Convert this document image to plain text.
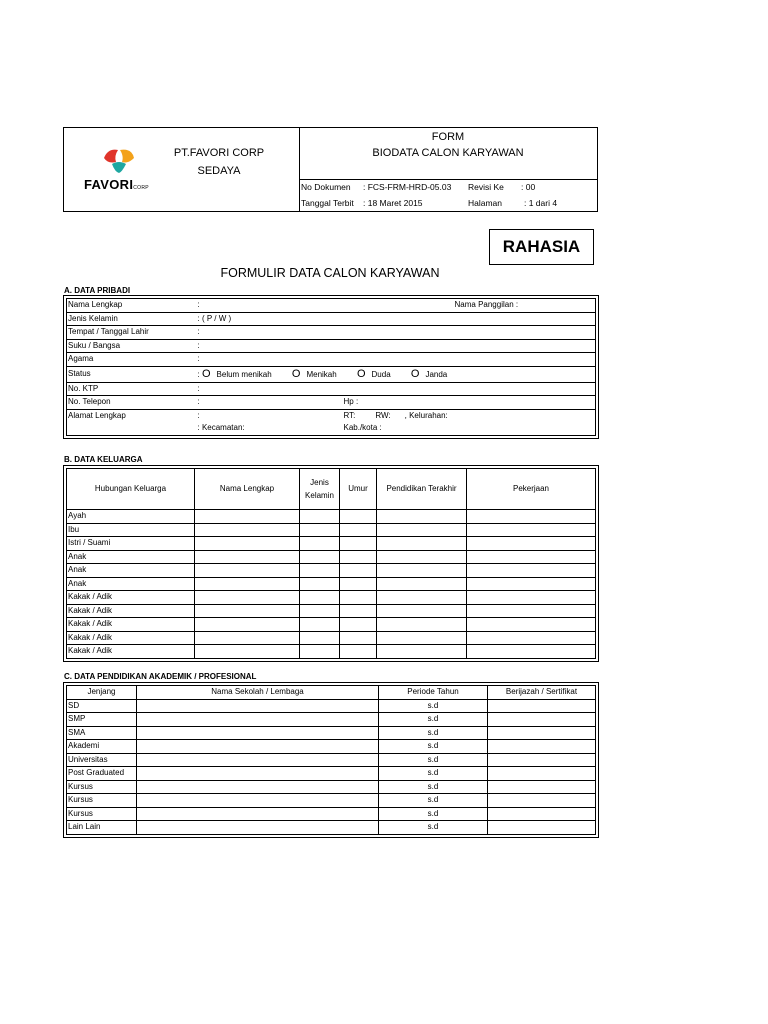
FAVORICORP
PT.FAVORI CORP
SEDAYA
FORM
BIODATA CALON KARYAWAN
No Dokumen : FCS-FRM-HRD-05.03 Revisi Ke : 00
Tanggal Terbit : 18 Maret 2015	Halaman	: 1 dari 4
RAHASIA
FORMULIR DATA CALON KARYAWAN
A. DATA PRIBADI
Nama Lengkap	:		Nama Panggilan :
Jenis Kelamin	: ( P / W )		
Tempat / Tanggal Lahir	:		
Suku / Bangsa	:		
Agama	:		
Status	: O Belum menikah O Menikah O Duda O Janda		
No. KTP	:		
No. Telepon	:	Hp :	
Alamat Lengkap	:	RT: RW: , Kelurahan:	
	: Kecamatan:	Kab./kota :	
B. DATA KELUARGA
Hubungan Keluarga	Nama Lengkap	Jenis Kelamin	Umur	Pendidikan Terakhir	Pekerjaan
Ayah					
Ibu					
Istri / Suami					
Anak					
Anak					
Anak					
Kakak / Adik					
Kakak / Adik					
Kakak / Adik					
Kakak / Adik					
Kakak / Adik					
C. DATA PENDIDIKAN AKADEMIK / PROFESIONAL
Jenjang	Nama Sekolah / Lembaga	Periode Tahun	Berijazah / Sertifikat
SD		s.d	
SMP		s.d	
SMA		s.d	
Akademi		s.d	
Universitas		s.d	
Post Graduated		s.d	
Kursus		s.d	
Kursus		s.d	
Kursus		s.d	
Lain Lain		s.d	
